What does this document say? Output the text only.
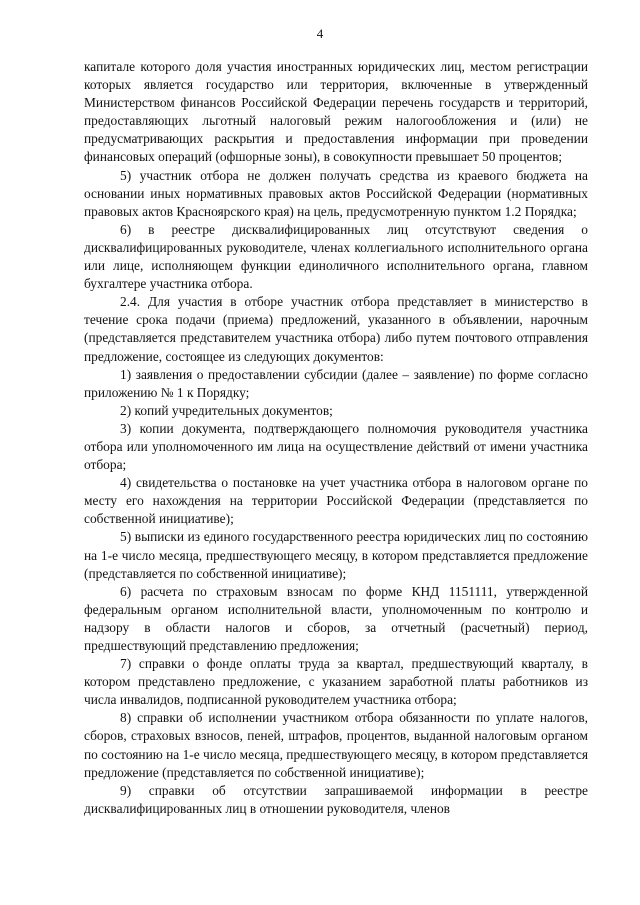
4

капитале которого доля участия иностранных юридических лиц, местом регистрации которых является государство или территория, включенные в утвержденный Министерством финансов Российской Федерации перечень государств и территорий, предоставляющих льготный налоговый режим налогообложения и (или) не предусматривающих раскрытия и предоставления информации при проведении финансовых операций (офшорные зоны), в совокупности превышает 50 процентов;

5) участник отбора не должен получать средства из краевого бюджета на основании иных нормативных правовых актов Российской Федерации (нормативных правовых актов Красноярского края) на цель, предусмотренную пунктом 1.2 Порядка;

6) в реестре дисквалифицированных лиц отсутствуют сведения о дисквалифицированных руководителе, членах коллегиального исполнительного органа или лице, исполняющем функции единоличного исполнительного органа, главном бухгалтере участника отбора.

2.4. Для участия в отборе участник отбора представляет в министерство в течение срока подачи (приема) предложений, указанного в объявлении, нарочным (представляется представителем участника отбора) либо путем почтового отправления предложение, состоящее из следующих документов:

1) заявления о предоставлении субсидии (далее – заявление) по форме согласно приложению № 1 к Порядку;

2) копий учредительных документов;

3) копии документа, подтверждающего полномочия руководителя участника отбора или уполномоченного им лица на осуществление действий от имени участника отбора;

4) свидетельства о постановке на учет участника отбора в налоговом органе по месту его нахождения на территории Российской Федерации (представляется по собственной инициативе);

5) выписки из единого государственного реестра юридических лиц по состоянию на 1-е число месяца, предшествующего месяцу, в котором представляется предложение (представляется по собственной инициативе);

6) расчета по страховым взносам по форме КНД 1151111, утвержденной федеральным органом исполнительной власти, уполномоченным по контролю и надзору в области налогов и сборов, за отчетный (расчетный) период, предшествующий представлению предложения;

7) справки о фонде оплаты труда за квартал, предшествующий кварталу, в котором представлено предложение, с указанием заработной платы работников из числа инвалидов, подписанной руководителем участника отбора;

8) справки об исполнении участником отбора обязанности по уплате налогов, сборов, страховых взносов, пеней, штрафов, процентов, выданной налоговым органом по состоянию на 1-е число месяца, предшествующего месяцу, в котором представляется предложение (представляется по собственной инициативе);

9) справки об отсутствии запрашиваемой информации в реестре дисквалифицированных лиц в отношении руководителя, членов
